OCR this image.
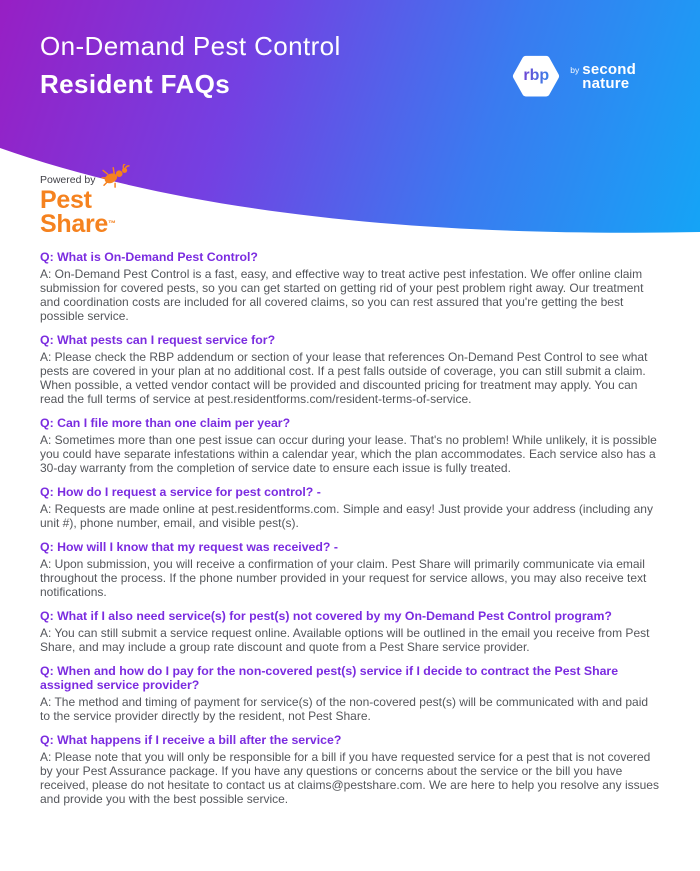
On-Demand Pest Control
Resident FAQs	rbp	by second
nature
Powered by
Pest
Share™
Q: What is On-Demand Pest Control?

A: On-Demand Pest Control is a fast, easy, and effective way to treat active pest infestation. We offer online claim submission for covered pests, so you can get started on getting rid of your pest problem right away. Our treatment and coordination costs are included for all covered claims, so you can rest assured that you're getting the best possible service.

Q: What pests can I request service for?

A: Please check the RBP addendum or section of your lease that references On-Demand Pest Control to see what pests are covered in your plan at no additional cost. If a pest falls outside of coverage, you can still submit a claim. When possible, a vetted vendor contact will be provided and discounted pricing for treatment may apply. You can read the full terms of service at pest.residentforms.com/resident-terms-of-service.

Q: Can I file more than one claim per year?

A: Sometimes more than one pest issue can occur during your lease. That's no problem! While unlikely, it is possible you could have separate infestations within a calendar year, which the plan accommodates. Each service also has a 30-day warranty from the completion of service date to ensure each issue is fully treated.

Q: How do I request a service for pest control? -

A: Requests are made online at pest.residentforms.com. Simple and easy! Just provide your address (including any unit #), phone number, email, and visible pest(s).

Q: How will I know that my request was received? -

A: Upon submission, you will receive a confirmation of your claim. Pest Share will primarily communicate via email throughout the process. If the phone number provided in your request for service allows, you may also receive text notifications.

Q: What if I also need service(s) for pest(s) not covered by my On-Demand Pest Control program?

A: You can still submit a service request online. Available options will be outlined in the email you receive from Pest Share, and may include a group rate discount and quote from a Pest Share service provider.

Q: When and how do I pay for the non-covered pest(s) service if I decide to contract the Pest Share assigned service provider?

A: The method and timing of payment for service(s) of the non-covered pest(s) will be communicated with and paid to the service provider directly by the resident, not Pest Share.

Q: What happens if I receive a bill after the service?

A: Please note that you will only be responsible for a bill if you have requested service for a pest that is not covered by your Pest Assurance package. If you have any questions or concerns about the service or the bill you have received, please do not hesitate to contact us at claims@pestshare.com. We are here to help you resolve any issues and provide you with the best possible service.
